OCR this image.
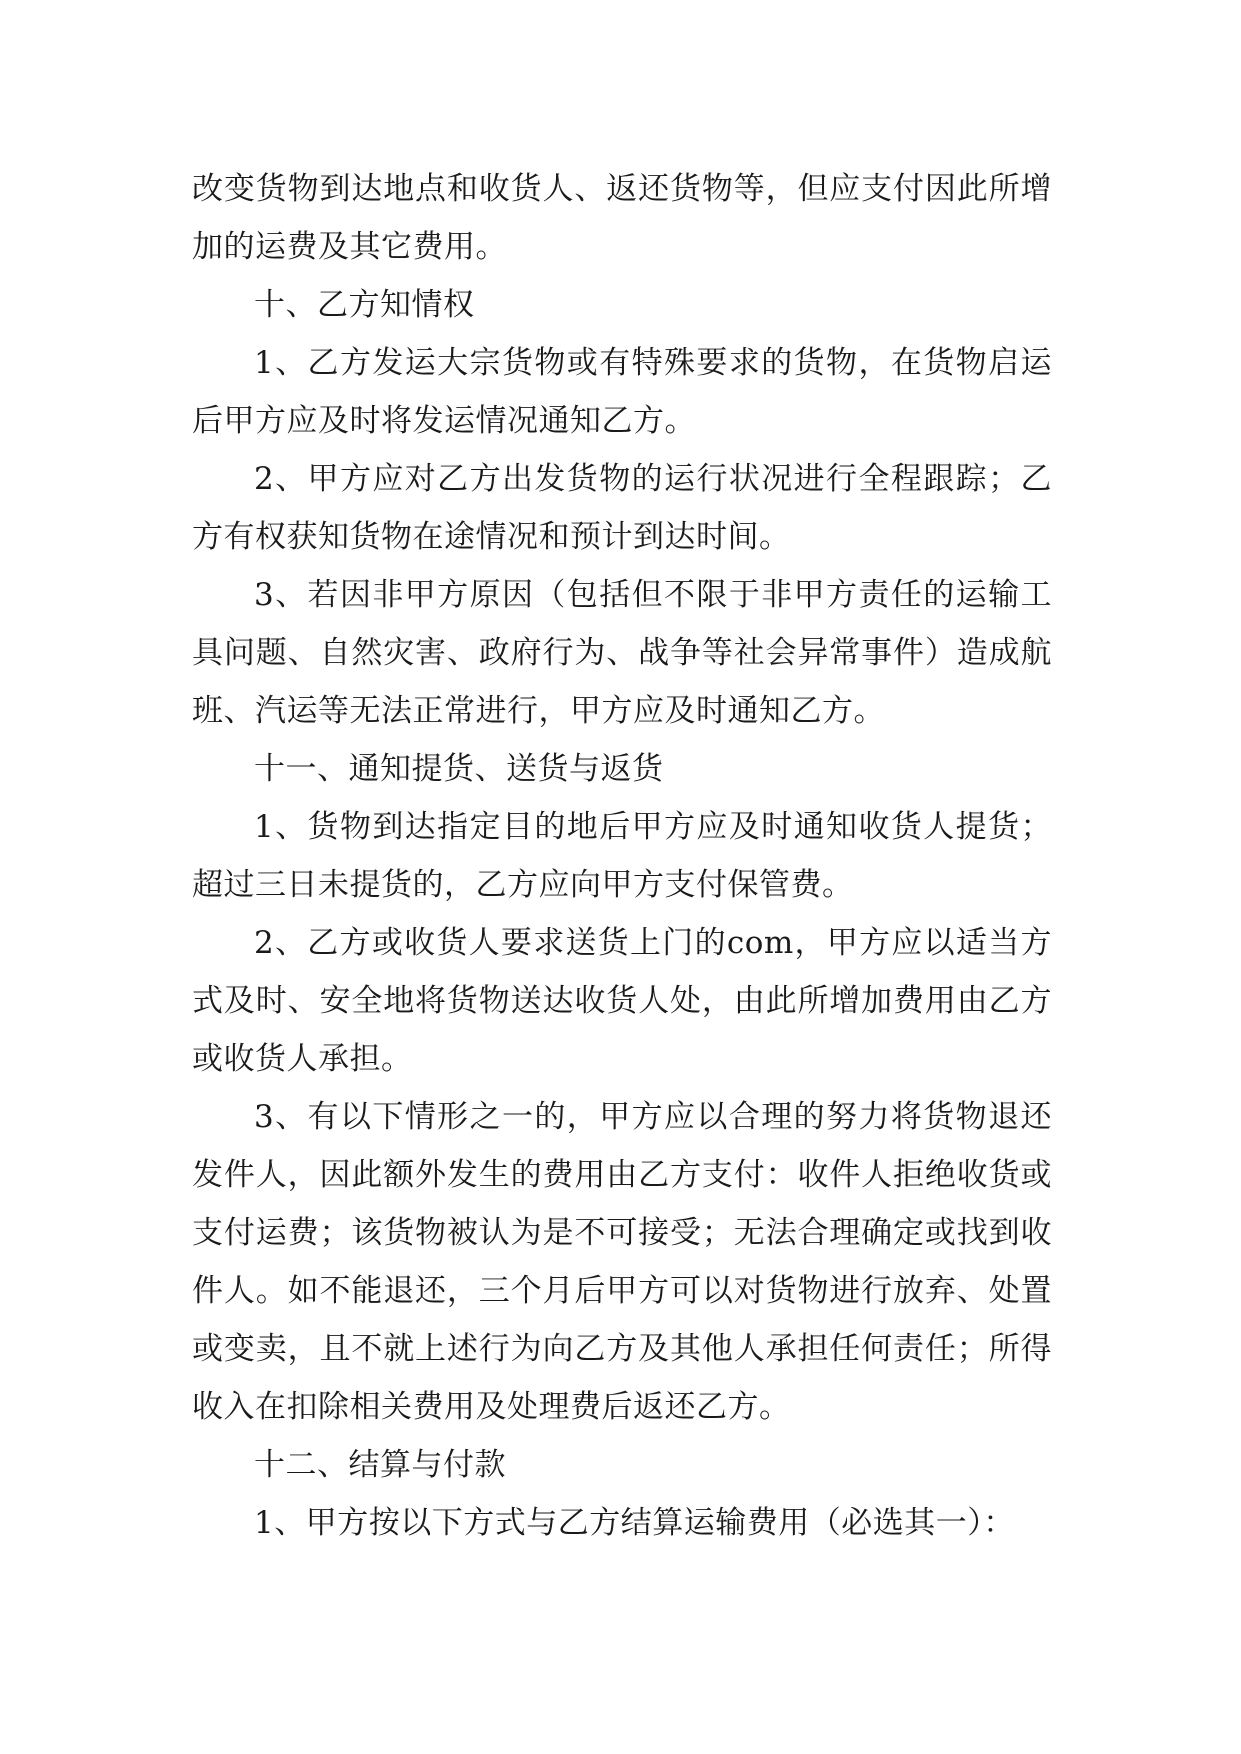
改变货物到达地点和收货人、返还货物等，但应支付因此所增加的运费及其它费用。

十、乙方知情权

1、乙方发运大宗货物或有特殊要求的货物，在货物启运后甲方应及时将发运情况通知乙方。

2、甲方应对乙方出发货物的运行状况进行全程跟踪；乙方有权获知货物在途情况和预计到达时间。

3、若因非甲方原因（包括但不限于非甲方责任的运输工具问题、自然灾害、政府行为、战争等社会异常事件）造成航班、汽运等无法正常进行，甲方应及时通知乙方。

十一、通知提货、送货与返货

1、货物到达指定目的地后甲方应及时通知收货人提货；超过三日未提货的，乙方应向甲方支付保管费。

2、乙方或收货人要求送货上门的com，甲方应以适当方式及时、安全地将货物送达收货人处，由此所增加费用由乙方或收货人承担。

3、有以下情形之一的，甲方应以合理的努力将货物退还发件人，因此额外发生的费用由乙方支付：收件人拒绝收货或支付运费；该货物被认为是不可接受；无法合理确定或找到收件人。如不能退还，三个月后甲方可以对货物进行放弃、处置或变卖，且不就上述行为向乙方及其他人承担任何责任；所得收入在扣除相关费用及处理费后返还乙方。

十二、结算与付款

1、甲方按以下方式与乙方结算运输费用（必选其一）：
